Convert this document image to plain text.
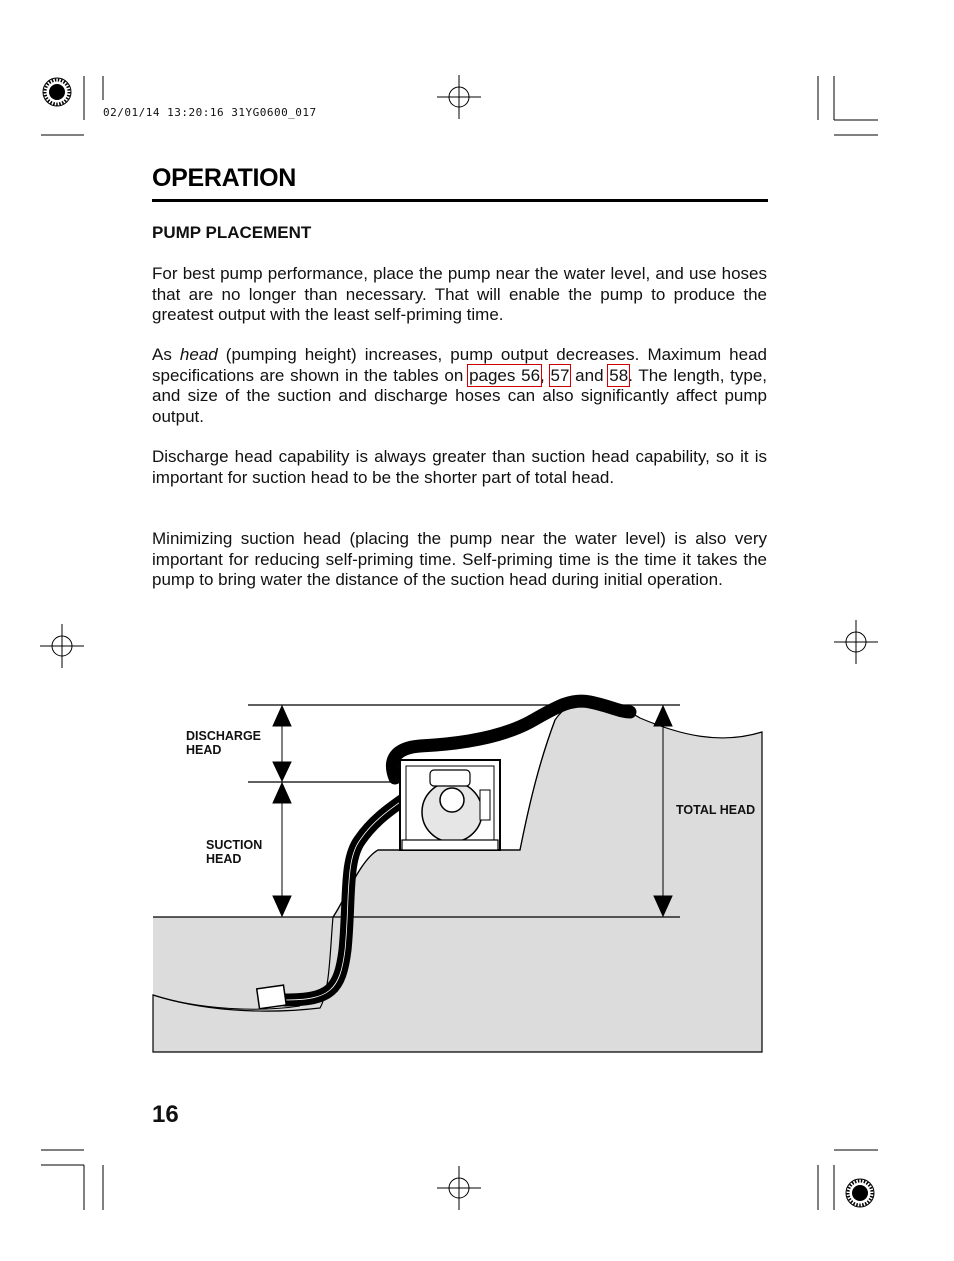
02/01/14 13:20:16 31YG0600_017
OPERATION
PUMP PLACEMENT
For best pump performance, place the pump near the water level, and use hoses that are no longer than necessary. That will enable the pump to produce the greatest output with the least self-priming time.
As head (pumping height) increases, pump output decreases. Maximum head specifications are shown in the tables on pages 56, 57 and 58. The length, type, and size of the suction and discharge hoses can also significantly affect pump output.
Discharge head capability is always greater than suction head capability, so it is important for suction head to be the shorter part of total head.
Minimizing suction head (placing the pump near the water level) is also very important for reducing self-priming time. Self-priming time is the time it takes the pump to bring water the distance of the suction head during initial operation.
DISCHARGE
HEAD
SUCTION
HEAD
TOTAL HEAD
16
